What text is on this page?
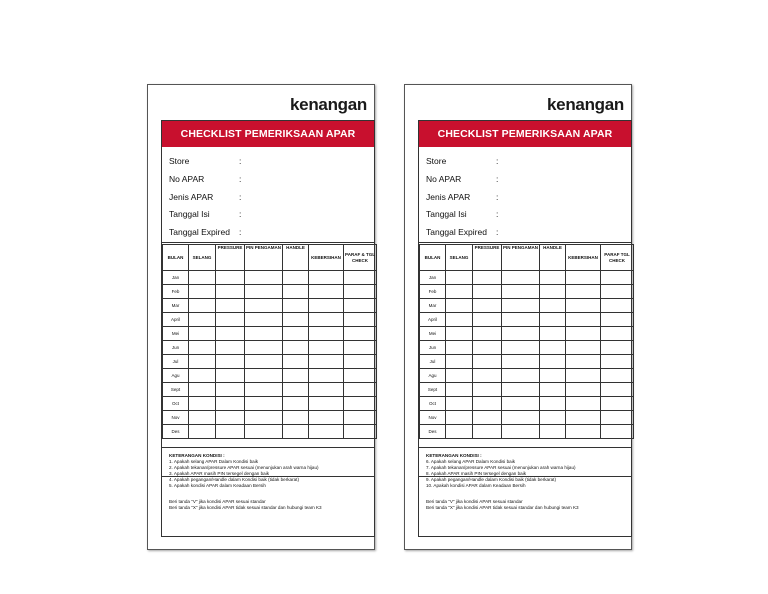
kenangan
CHECKLIST PEMERIKSAAN APAR
Store	:
No APAR	:
Jenis APAR	:
Tanggal Isi	:
Tanggal Expired :
BULAN	SELANG	PRESSURE	PIN PENGAMAN	HANDLE	KEBERSIHAN	PARAF & TGL CHECK
Jan						
Feb						
Mar						
April						
Mei						
Jun						
Jul						
Agu						
Sept						
Oct						
Nov						
Des						
KETERANGAN KONDISI :
1. Apakah selang APAR Dalam Kondisi baik
2. Apakah tekanan/pressure APAR sesuai (menunjukan arah warna hijau)
3. Apakah APAR masih PIN tersegel dengan baik
4. Apakah pegangan/Handle dalam Kondisi baik (tidak berkarat)
5. Apakah kondisi APAR dalam Keadaan Bersih
Beri tanda "V" jika kondisi APAR sesuai standar
Beri tanda "X" jika kondisi APAR tidak sesuai standar dan hubungi team K3
kenangan
CHECKLIST PEMERIKSAAN APAR
Store	:
No APAR	:
Jenis APAR	:
Tanggal Isi	:
Tanggal Expired :
BULAN	SELANG	PRESSURE	PIN PENGAMAN	HANDLE	KEBERSIHAN	PARAF TGL CHECK
Jan						
Feb						
Mar						
April						
Mei						
Jun						
Jul						
Agu						
Sept						
Oct						
Nov						
Des						
KETERANGAN KONDISI :
6. Apakah selang APAR Dalam Kondisi baik
7. Apakah tekanan/pressure APAR sesuai (menunjukan arah warna hijau)
8. Apakah APAR masih PIN tersegel dengan baik
9. Apakah pegangan/Handle dalam Kondisi baik (tidak berkarat)
10. Apakah kondisi APAR dalam Keadaan Bersih
Beri tanda "V" jika kondisi APAR sesuai standar
Beri tanda "X" jika kondisi APAR tidak sesuai standar dan hubungi team K3
